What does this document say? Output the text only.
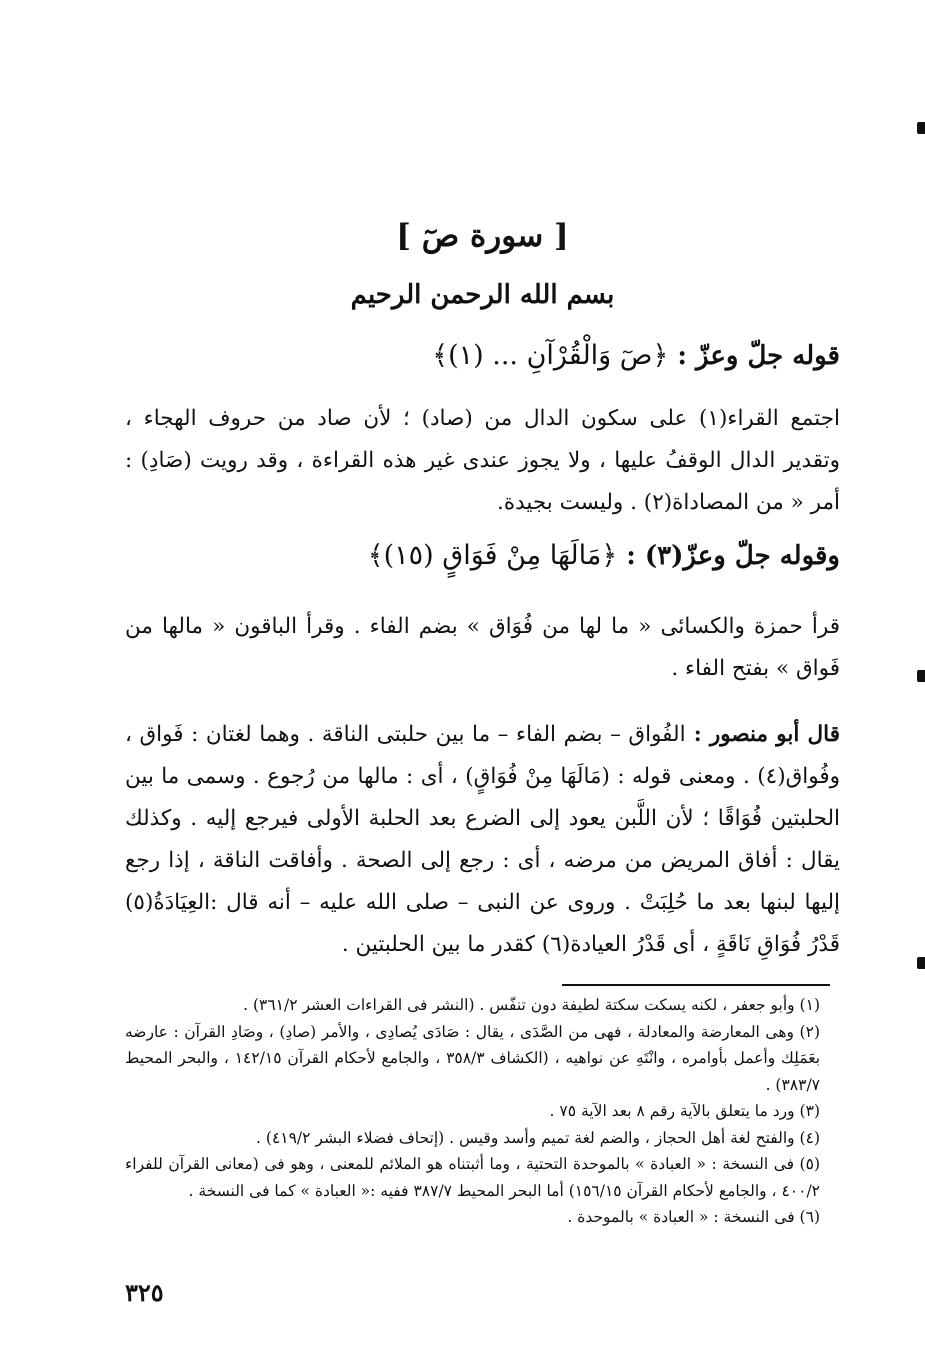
[ سورة صٓ ]
بسم الله الرحمن الرحيم
قوله جلّ وعزّ : ﴿صٓ وَالْقُرْآنِ ... (١)﴾
اجتمع القراء(١) على سكون الدال من (صاد) ؛ لأن صاد من حروف الهجاء ، وتقدير الدال الوقفُ عليها ، ولا يجوز عندى غير هذه القراءة ، وقد رويت (صَادِ) : أمر « من المصاداة(٢) . وليست بجيدة.
وقوله جلّ وعزّ(٣) : ﴿مَالَهَا مِنْ فَوَاقٍ (١٥)﴾
قرأ حمزة والكسائى « ما لها من فُوَاق » بضم الفاء . وقرأ الباقون « مالها من فَواق » بفتح الفاء .
قال أبو منصور : الفُواق – بضم الفاء – ما بين حلبتى الناقة . وهما لغتان : فَواق ، وفُواق(٤) . ومعنى قوله : (مَالَهَا مِنْ فُوَاقٍ) ، أى : مالها من رُجوع . وسمى ما بين الحلبتين فُوَاقًا ؛ لأن اللَّبن يعود إلى الضرع بعد الحلبة الأولى فيرجع إليه . وكذلك يقال : أفاق المريض من مرضه ، أى : رجع إلى الصحة . وأفاقت الناقة ، إذا رجع إليها لبنها بعد ما حُلِبَتْ . وروى عن النبى – صلى الله عليه – أنه قال :العِيَادَةُ(٥) قَدْرُ فُوَاقِ نَاقَةٍ ، أى قَدْرُ العيادة(٦) كقدر ما بين الحلبتين .

(١) وأبو جعفر ، لكنه يسكت سكتة لطيفة دون تنفّس . (النشر فى القراءات العشر ٣٦١/٢) .

(٢) وهى المعارضة والمعادلة ، فهى من الصَّدَى ، يقال : صَادَى يُصادِى ، والأمر (صادِ) ، وصَادِ القرآن : عارضه بعَمَلِك وأعمل بأوامره ، وانْتَهِ عن نواهيه ، (الكشاف ٣٥٨/٣ ، والجامع لأحكام القرآن ١٤٢/١٥ ، والبحر المحيط ٣٨٣/٧) .

(٣) ورد ما يتعلق بالآية رقم ٨ بعد الآية ٧٥ .

(٤) والفتح لغة أهل الحجاز ، والضم لغة تميم وأسد وقيس . (إتحاف فضلاء البشر ٤١٩/٢) .

(٥) فى النسخة : « العبادة » بالموحدة التحتية ، وما أثبتناه هو الملائم للمعنى ، وهو فى (معانى القرآن للفراء ٤٠٠/٢ ، والجامع لأحكام القرآن ١٥٦/١٥) أما البحر المحيط ٣٨٧/٧ ففيه :« العبادة » كما فى النسخة .

(٦) فى النسخة : « العبادة » بالموحدة .

٣٢٥
